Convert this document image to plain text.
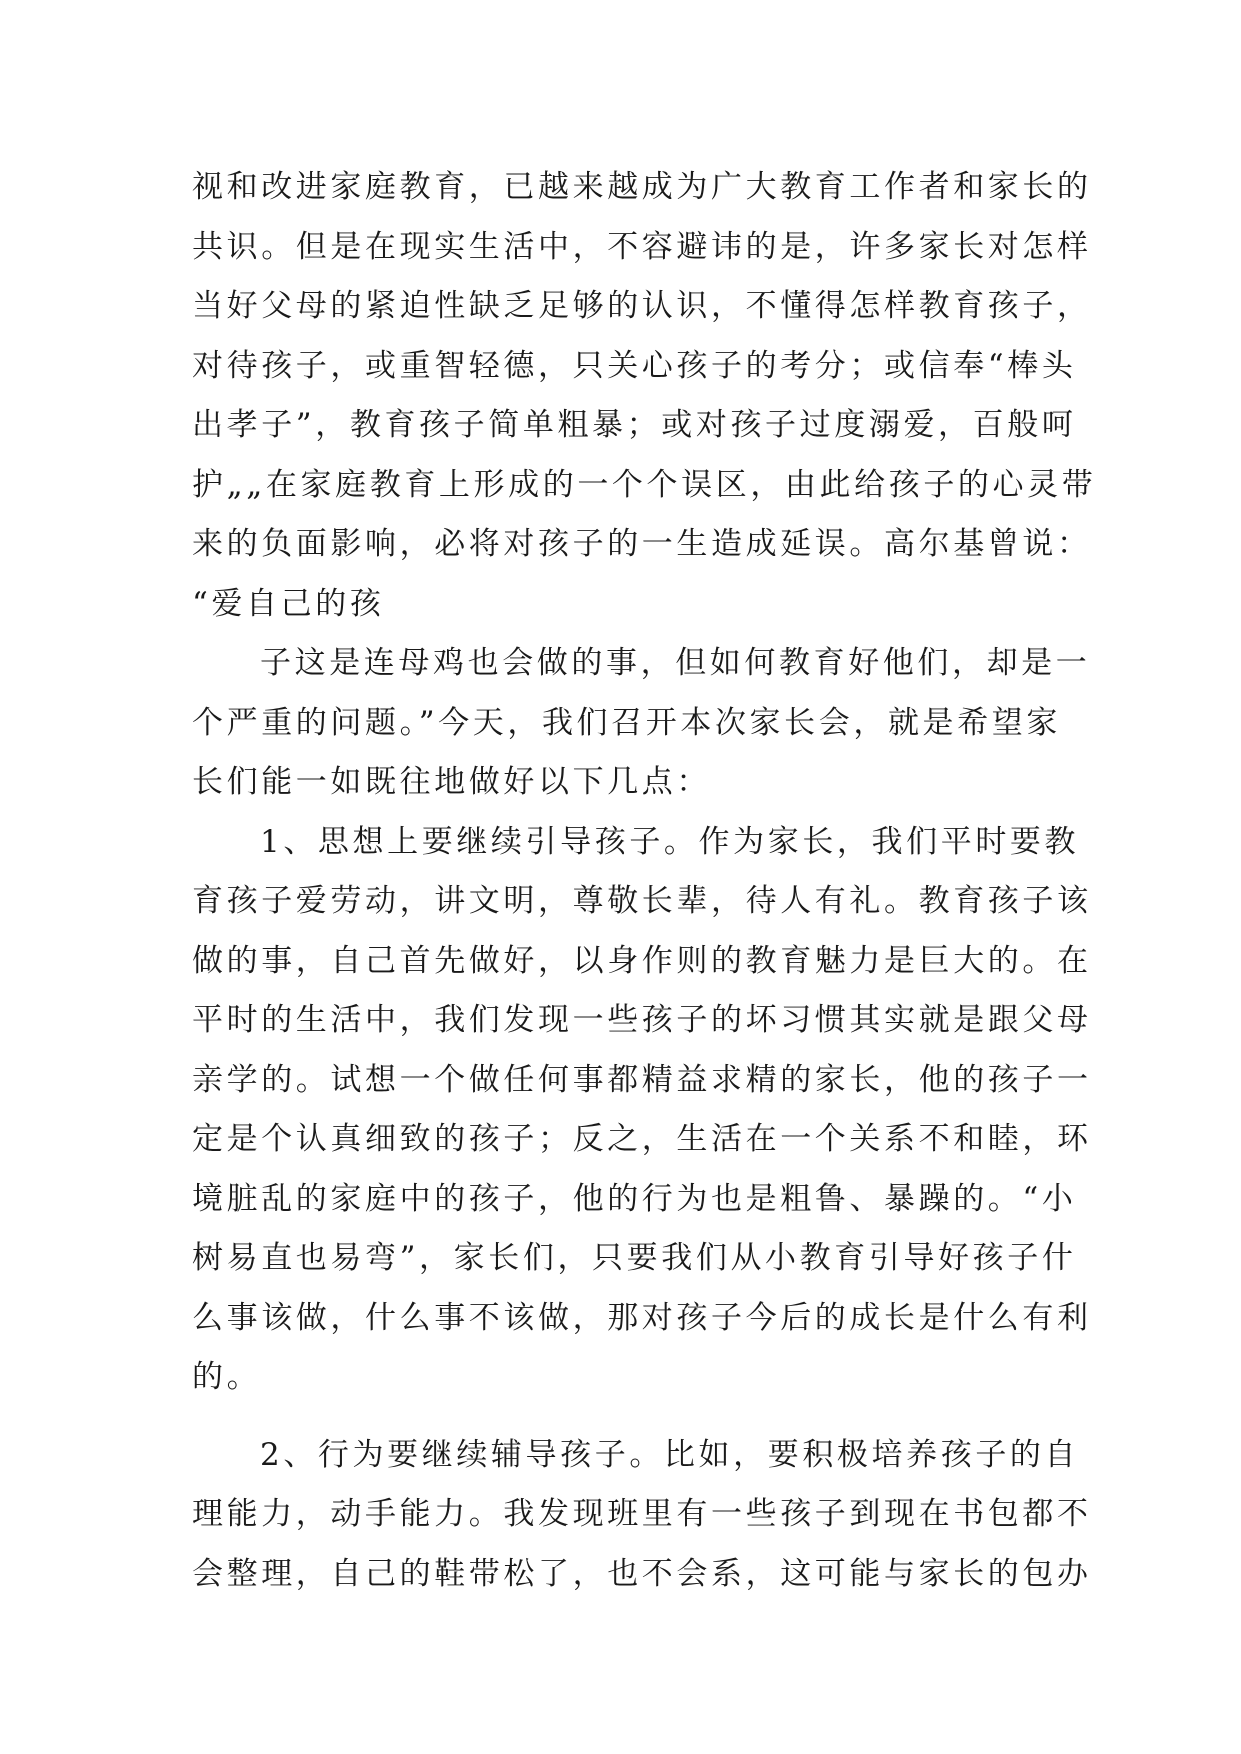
视和改进家庭教育，已越来越成为广大教育工作者和家长的

共识。但是在现实生活中，不容避讳的是，许多家长对怎样

当好父母的紧迫性缺乏足够的认识，不懂得怎样教育孩子，

对待孩子，或重智轻德，只关心孩子的考分；或信奉“棒头

出孝子”，教育孩子简单粗暴；或对孩子过度溺爱，百般呵

护„„在家庭教育上形成的一个个误区，由此给孩子的心灵带

来的负面影响，必将对孩子的一生造成延误。高尔基曾说：

“爱自己的孩

子这是连母鸡也会做的事，但如何教育好他们，却是一

个严重的问题。”今天，我们召开本次家长会，就是希望家

长们能一如既往地做好以下几点：

1、思想上要继续引导孩子。作为家长，我们平时要教

育孩子爱劳动，讲文明，尊敬长辈，待人有礼。教育孩子该

做的事，自己首先做好，以身作则的教育魅力是巨大的。在

平时的生活中，我们发现一些孩子的坏习惯其实就是跟父母

亲学的。试想一个做任何事都精益求精的家长，他的孩子一

定是个认真细致的孩子；反之，生活在一个关系不和睦，环

境脏乱的家庭中的孩子，他的行为也是粗鲁、暴躁的。“小

树易直也易弯”，家长们，只要我们从小教育引导好孩子什

么事该做，什么事不该做，那对孩子今后的成长是什么有利

的。

2、行为要继续辅导孩子。比如，要积极培养孩子的自

理能力，动手能力。我发现班里有一些孩子到现在书包都不

会整理，自己的鞋带松了，也不会系，这可能与家长的包办
